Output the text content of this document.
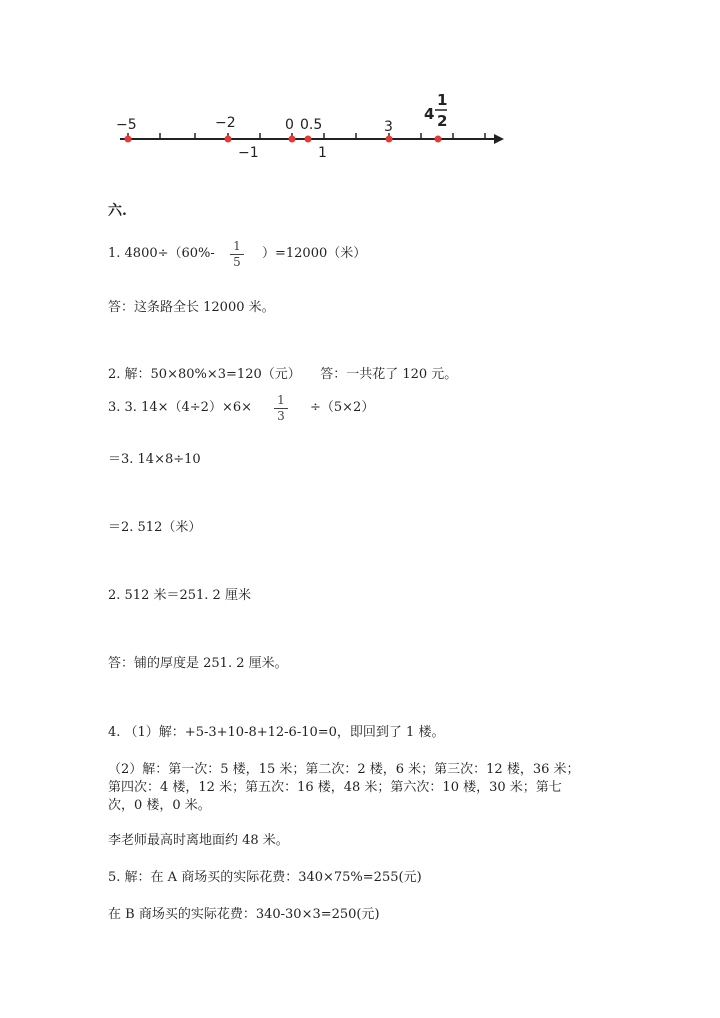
−5	−2	0 0.5	3
−1	1
4
1
2
六.
1. 4800÷（60%- 1
5
）=12000（米）
答：这条路全长 12000 米。
2. 解：50×80%×3=120（元）　　答：一共花了 120 元。
3. 3. 14×（4÷2）×6× 1
3
÷（5×2）
＝3. 14×8÷10
＝2. 512（米）
2. 512 米＝251. 2 厘米
答：铺的厚度是 251. 2 厘米。
4. （1）解：+5-3+10-8+12-6-10=0，即回到了 1 楼。
（2）解：第一次：5 楼，15 米；第二次：2 楼，6 米；第三次：12 楼，36 米；
第四次：4 楼，12 米；第五次：16 楼，48 米；第六次：10 楼，30 米；第七
次，0 楼，0 米。
李老师最高时离地面约 48 米。
5. 解：在 A 商场买的实际花费：340×75%=255(元)
在 B 商场买的实际花费：340-30×3=250(元)
